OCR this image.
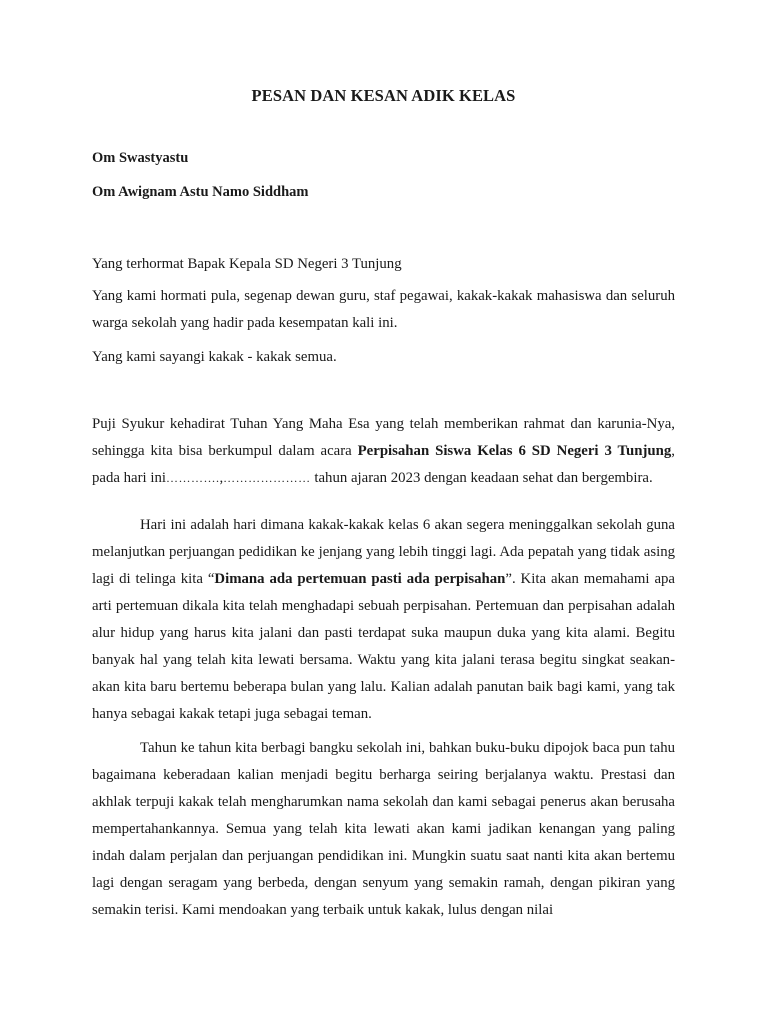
PESAN DAN KESAN ADIK KELAS

Om Swastyastu

Om Awignam Astu Namo Siddham

Yang terhormat Bapak Kepala SD Negeri 3 Tunjung

Yang kami hormati pula, segenap dewan guru, staf pegawai, kakak-kakak mahasiswa dan seluruh warga sekolah yang hadir pada kesempatan kali ini.

Yang kami sayangi kakak - kakak semua.

Puji Syukur kehadirat Tuhan Yang Maha Esa yang telah memberikan rahmat dan karunia-Nya, sehingga kita bisa berkumpul dalam acara Perpisahan Siswa Kelas 6 SD Negeri 3 Tunjung, pada hari ini………….,………………… tahun ajaran 2023 dengan keadaan sehat dan bergembira.

Hari ini adalah hari dimana kakak-kakak kelas 6 akan segera meninggalkan sekolah guna melanjutkan perjuangan pedidikan ke jenjang yang lebih tinggi lagi. Ada pepatah yang tidak asing lagi di telinga kita “Dimana ada pertemuan pasti ada perpisahan”. Kita akan memahami apa arti pertemuan dikala kita telah menghadapi sebuah perpisahan. Pertemuan dan perpisahan adalah alur hidup yang harus kita jalani dan pasti terdapat suka maupun duka yang kita alami. Begitu banyak hal yang telah kita lewati bersama. Waktu yang kita jalani terasa begitu singkat seakan-akan kita baru bertemu beberapa bulan yang lalu. Kalian adalah panutan baik bagi kami, yang tak hanya sebagai kakak tetapi juga sebagai teman.

Tahun ke tahun kita berbagi bangku sekolah ini, bahkan buku-buku dipojok baca pun tahu bagaimana keberadaan kalian menjadi begitu berharga seiring berjalanya waktu. Prestasi dan akhlak terpuji kakak telah mengharumkan nama sekolah dan kami sebagai penerus akan berusaha mempertahankannya. Semua yang telah kita lewati akan kami jadikan kenangan yang paling indah dalam perjalan dan perjuangan pendidikan ini. Mungkin suatu saat nanti kita akan bertemu lagi dengan seragam yang berbeda, dengan senyum yang semakin ramah, dengan pikiran yang semakin terisi. Kami mendoakan yang terbaik untuk kakak, lulus dengan nilai
